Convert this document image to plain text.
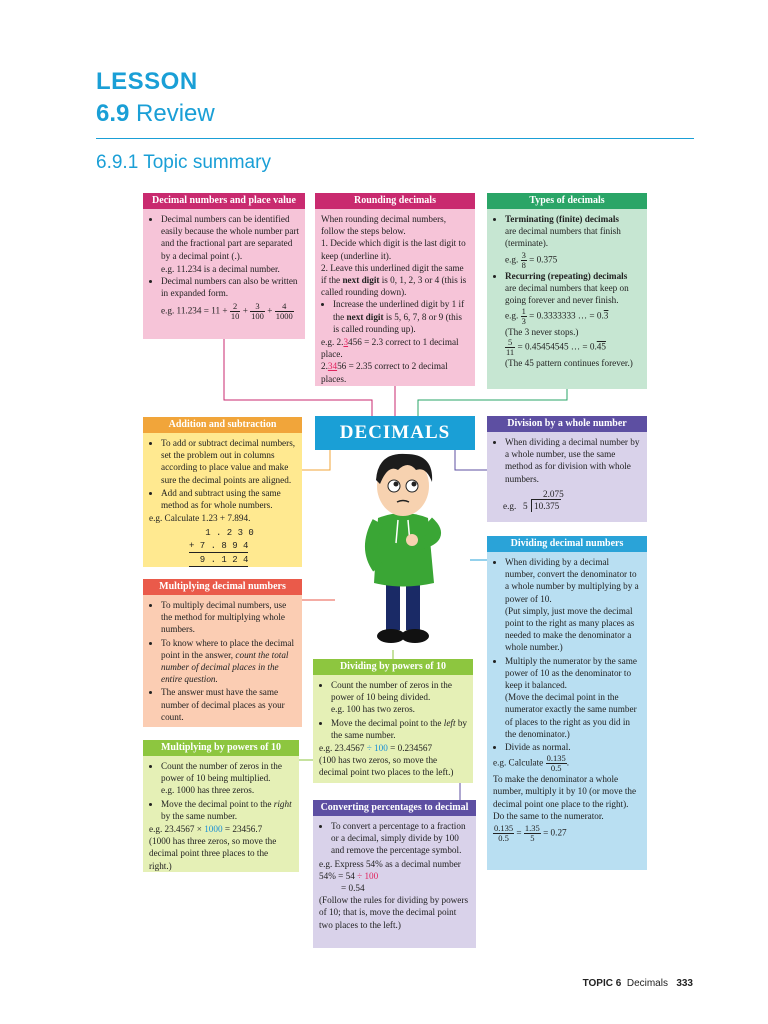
LESSON
6.9 Review
6.9.1 Topic summary
Decimal numbers and place value
• Decimal numbers can be identified easily because the whole number part and the fractional part are separated by a decimal point (.).

e.g. 11.234 is a decimal number.

• Decimal numbers can also be written in expanded form.

e.g. $11.234 = 11 + \frac{2}{10} + \frac{3}{100} + \frac{4}{1000}$

Rounding decimals

When rounding decimal numbers, follow the steps below.

1. Decide which digit is the last digit to keep (underline it).

2. Leave this underlined digit the same if the next digit is 0, 1, 2, 3 or 4 (this is called rounding down).

• Increase the underlined digit by 1 if the next digit is 5, 6, 7, 8 or 9 (this is called rounding up).

e.g. 2.3456 = 2.3 correct to 1 decimal place.

2.3456 = 2.35 correct to 2 decimal places.

Types of decimals
• Terminating (finite) decimals
are decimal numbers that finish (terminate).

e.g. $\frac{3}{8} = 0.375$

• Recurring (repeating) decimals
are decimal numbers that keep on going forever and never finish.

e.g. $\frac{1}{3} = 0.3333333$ … = 0.3

(The 3 never stops.)

$\frac{5}{11} = 0.45454545$ … = 0.45

(The 45 pattern continues forever.)

DECIMALS
Addition and subtraction
• To add or subtract decimal numbers, set the problem out in columns according to place value and make sure the decimal points are aligned.
• Add and subtract using the same method as for whole numbers.

e.g. Calculate 1.23 + 7.894.

1 . 2 3 0
+ 7 . 8 9 4
9 . 1 2 4
Multiplying decimal numbers
• To multiply decimal numbers, use the method for multiplying whole numbers.
• To know where to place the decimal point in the answer, count the total number of decimal places in the entire question.
• The answer must have the same number of decimal places as your count.
Multiplying by powers of 10
• Count the number of zeros in the power of 10 being multiplied.
e.g. 1000 has three zeros.
• Move the decimal point to the right by the same number.

e.g. 23.4567 × 1000 = 23456.7

(1000 has three zeros, so move the decimal point three places to the right.)

Dividing by powers of 10
• Count the number of zeros in the power of 10 being divided.
e.g. 100 has two zeros.
• Move the decimal point to the left by the same number.

e.g. 23.4567 ÷ 100 = 0.234567

(100 has two zeros, so move the decimal point two places to the left.)

Converting percentages to decimal
• To convert a percentage to a fraction or a decimal, simply divide by 100 and remove the percentage symbol.

e.g. Express 54% as a decimal number

54% = 54 ÷ 100

= 0.54

(Follow the rules for dividing by powers of 10; that is, move the decimal point two places to the left.)

Division by a whole number
• When dividing a decimal number by a whole number, use the same method as for division with whole numbers.
e.g.
2.075
5 10.375
Dividing decimal numbers
• When dividing by a decimal number, convert the denominator to a whole number by multiplying by a power of 10.
(Put simply, just move the decimal point to the right as many places as needed to make the denominator a whole number.)
• Multiply the numerator by the same power of 10 as the denominator to keep it balanced.
(Move the decimal point in the numerator exactly the same number of places to the right as you did in the denominator.)
• Divide as normal.

e.g. Calculate $\frac{0.135}{0.5}$ .

To make the denominator a whole number, multiply it by 10 (or move the decimal point one place to the right). Do the same to the numerator.

$\frac{0.135}{0.5} = \frac{1.35}{5} = 0.27$

TOPIC 6 Decimals 333
